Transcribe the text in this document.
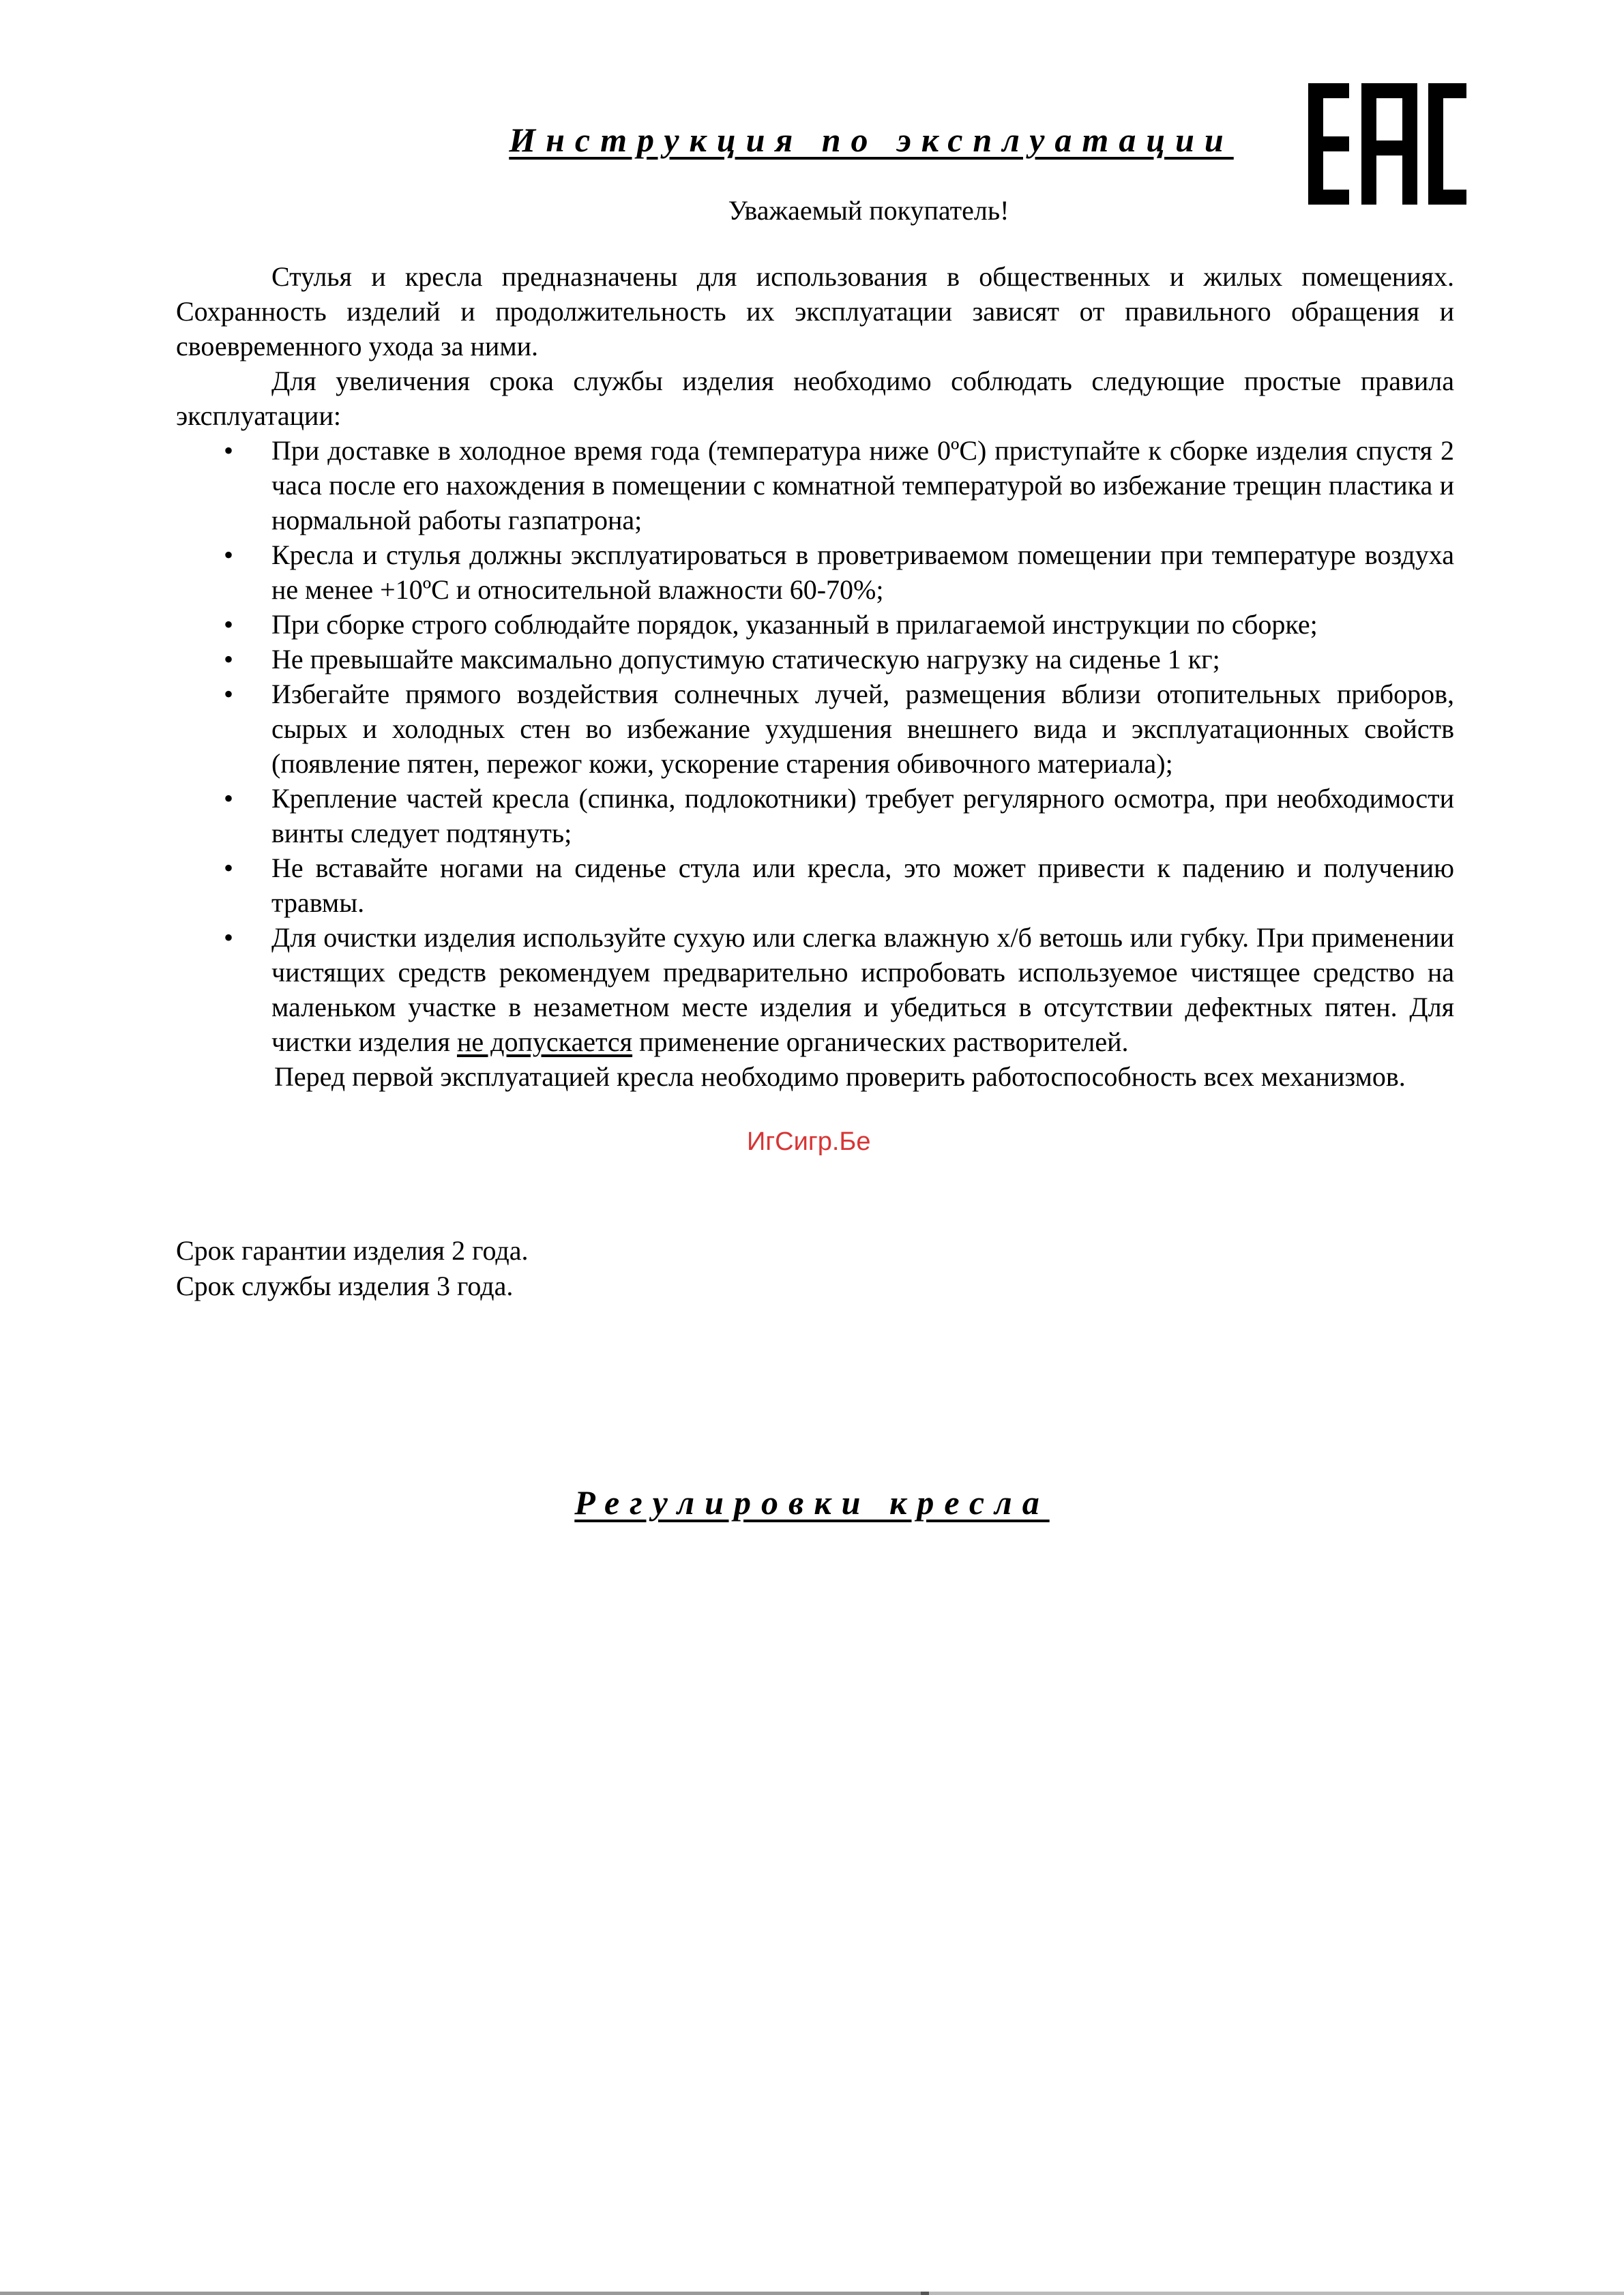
Инструкция по эксплуатации

Уважаемый покупатель!

Стулья и кресла предназначены для использования в общественных и жилых помещениях. Сохранность изделий и продолжительность их эксплуатации зависят от правильного обращения и своевременного ухода за ними.

Для увеличения срока службы изделия необходимо соблюдать следующие простые правила эксплуатации:

• При доставке в холодное время года (температура ниже 0ºС) приступайте к сборке изделия спустя 2 часа после его нахождения в помещении с комнатной температурой во избежание трещин пластика и нормальной работы газпатрона;
• Кресла и стулья должны эксплуатироваться в проветриваемом помещении при температуре воздуха не менее +10ºС и относительной влажности 60-70%;
• При сборке строго соблюдайте порядок, указанный в прилагаемой инструкции по сборке;
• Не превышайте максимально допустимую статическую нагрузку на сиденье 1 кг;
• Избегайте прямого воздействия солнечных лучей, размещения вблизи отопительных приборов, сырых и холодных стен во избежание ухудшения внешнего вида и эксплуатационных свойств (появление пятен, пережог кожи, ускорение старения обивочного материала);
• Крепление частей кресла (спинка, подлокотники) требует регулярного осмотра, при необходимости винты следует подтянуть;
• Не вставайте ногами на сиденье стула или кресла, это может привести к падению и получению травмы.
• Для очистки изделия используйте сухую или слегка влажную х/б ветошь или губку. При применении чистящих средств рекомендуем предварительно испробовать используемое чистящее средство на маленьком участке в незаметном месте изделия и убедиться в отсутствии дефектных пятен. Для чистки изделия не допускается применение органических растворителей.

Перед первой эксплуатацией кресла необходимо проверить работоспособность всех механизмов.

ИгСигр.Бе
Срок гарантии изделия 2 года.
Срок службы изделия 3 года.
Регулировки кресла
